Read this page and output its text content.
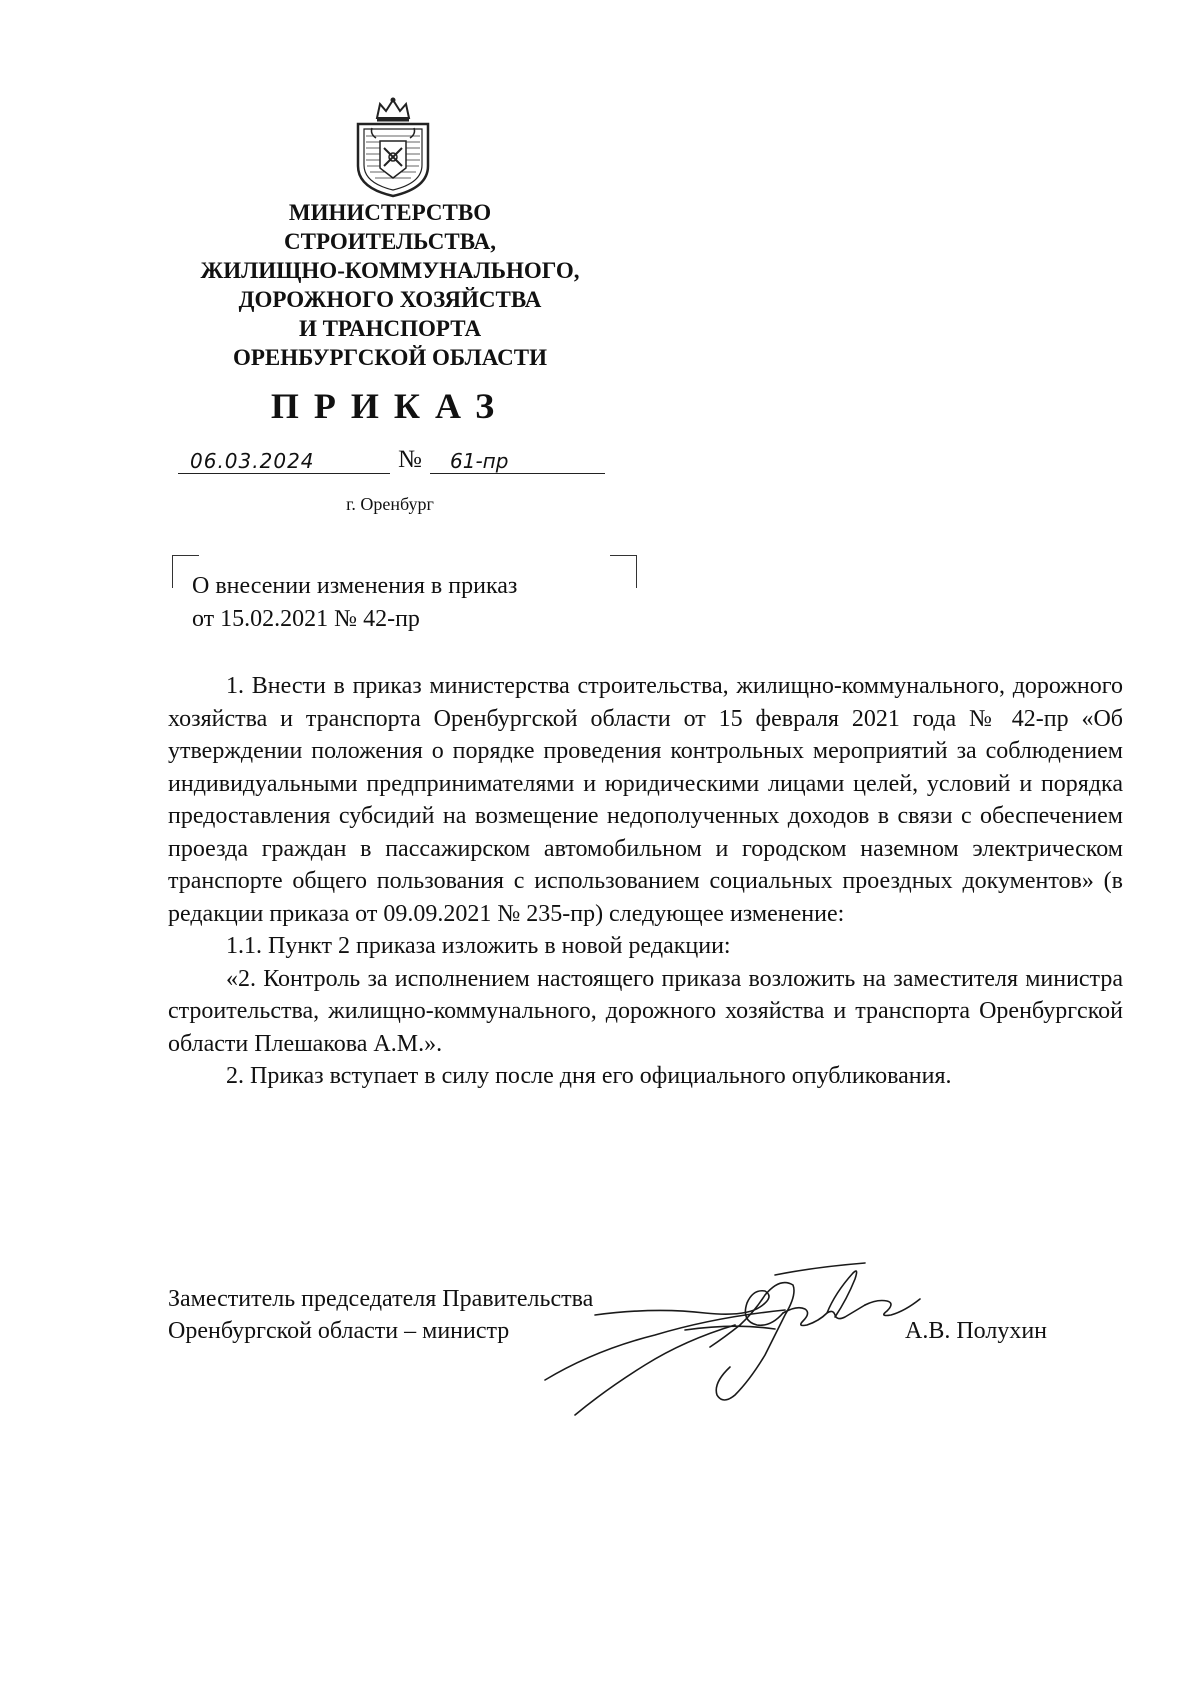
МИНИСТЕРСТВО
СТРОИТЕЛЬСТВА,
ЖИЛИЩНО-КОММУНАЛЬНОГО,
ДОРОЖНОГО ХОЗЯЙСТВА
И ТРАНСПОРТА
ОРЕНБУРГСКОЙ ОБЛАСТИ
ПРИКАЗ
06.03.2024	№	61-пр
г. Оренбург
О внесении изменения в приказ
от 15.02.2021 № 42-пр

1. Внести в приказ министерства строительства, жилищно-коммунального, дорожного хозяйства и транспорта Оренбургской области от 15 февраля 2021 года № 42-пр «Об утверждении положения о порядке проведения контрольных мероприятий за соблюдением индивидуальными предпринимателями и юридическими лицами целей, условий и порядка предоставления субсидий на возмещение недополученных доходов в связи с обеспечением проезда граждан в пассажирском автомобильном и городском наземном электрическом транспорте общего пользования с использованием социальных проездных документов» (в редакции приказа от 09.09.2021 № 235-пр) следующее изменение:

1.1. Пункт 2 приказа изложить в новой редакции:

«2. Контроль за исполнением настоящего приказа возложить на заместителя министра строительства, жилищно-коммунального, дорожного хозяйства и транспорта Оренбургской области Плешакова А.М.».

2. Приказ вступает в силу после дня его официального опубликования.

Заместитель председателя Правительства
Оренбургской области – министр	А.В. Полухин
